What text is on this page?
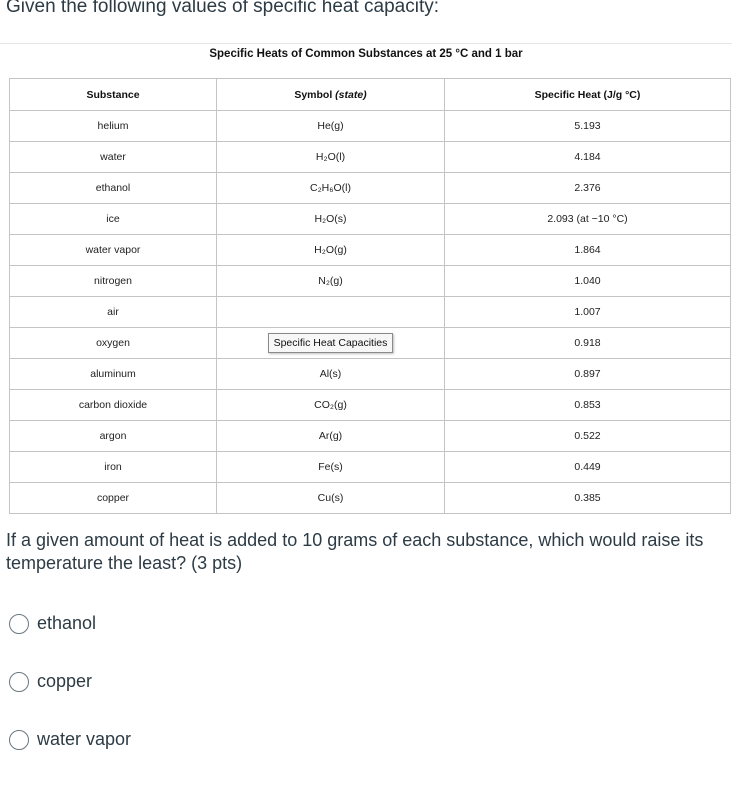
Given the following values of specific heat capacity:

Specific Heats of Common Substances at 25 °C and 1 bar
Substance	Symbol (state)	Specific Heat (J/g °C)
helium	He(g)	5.193
water	H₂O(l)	4.184
ethanol	C₂H₆O(l)	2.376
ice	H₂O(s)	2.093 (at −10 °C)
water vapor	H₂O(g)	1.864
nitrogen	N₂(g)	1.040
air		1.007
oxygen	Specific Heat Capacities	0.918
aluminum	Al(s)	0.897
carbon dioxide	CO₂(g)	0.853
argon	Ar(g)	0.522
iron	Fe(s)	0.449
copper	Cu(s)	0.385

If a given amount of heat is added to 10 grams of each substance, which would raise its temperature the least? (3 pts)

ethanol
copper
water vapor
